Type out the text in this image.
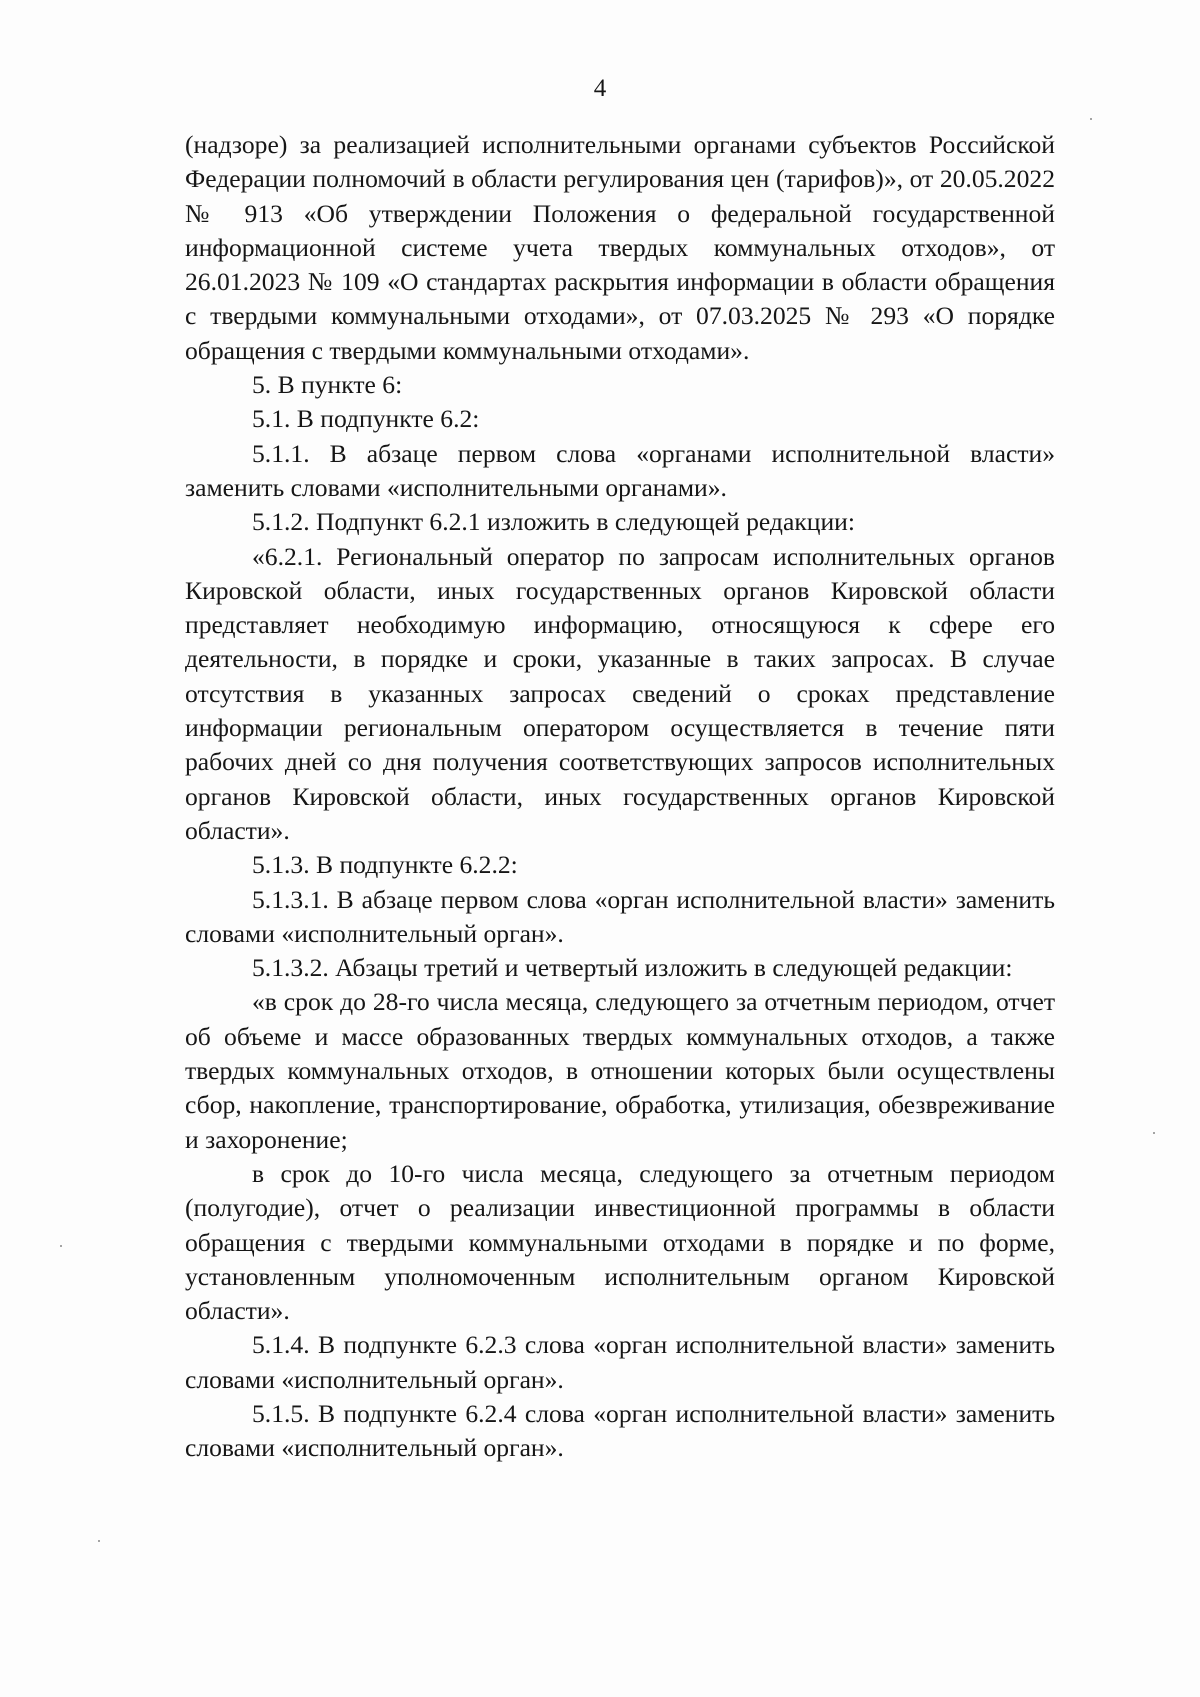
4

(надзоре) за реализацией исполнительными органами субъектов Российской Федерации полномочий в области регулирования цен (тарифов)», от 20.05.2022 № 913 «Об утверждении Положения о федеральной государственной информационной системе учета твердых коммунальных отходов», от 26.01.2023 № 109 «О стандартах раскрытия информации в области обращения с твердыми коммунальными отходами», от 07.03.2025 № 293 «О порядке обращения с твердыми коммунальными отходами».

5. В пункте 6:

5.1. В подпункте 6.2:

5.1.1. В абзаце первом слова «органами исполнительной власти» заменить словами «исполнительными органами».

5.1.2. Подпункт 6.2.1 изложить в следующей редакции:

«6.2.1. Региональный оператор по запросам исполнительных органов Кировской области, иных государственных органов Кировской области представляет необходимую информацию, относящуюся к сфере его деятельности, в порядке и сроки, указанные в таких запросах. В случае отсутствия в указанных запросах сведений о сроках представление информации региональным оператором осуществляется в течение пяти рабочих дней со дня получения соответствующих запросов исполнительных органов Кировской области, иных государственных органов Кировской области».

5.1.3. В подпункте 6.2.2:

5.1.3.1. В абзаце первом слова «орган исполнительной власти» заменить словами «исполнительный орган».

5.1.3.2. Абзацы третий и четвертый изложить в следующей редакции:

«в срок до 28-го числа месяца, следующего за отчетным периодом, отчет об объеме и массе образованных твердых коммунальных отходов, а также твердых коммунальных отходов, в отношении которых были осуществлены сбор, накопление, транспортирование, обработка, утилизация, обезвреживание и захоронение;

в срок до 10-го числа месяца, следующего за отчетным периодом (полугодие), отчет о реализации инвестиционной программы в области обращения с твердыми коммунальными отходами в порядке и по форме, установленным уполномоченным исполнительным органом Кировской области».

5.1.4. В подпункте 6.2.3 слова «орган исполнительной власти» заменить словами «исполнительный орган».

5.1.5. В подпункте 6.2.4 слова «орган исполнительной власти» заменить словами «исполнительный орган».
